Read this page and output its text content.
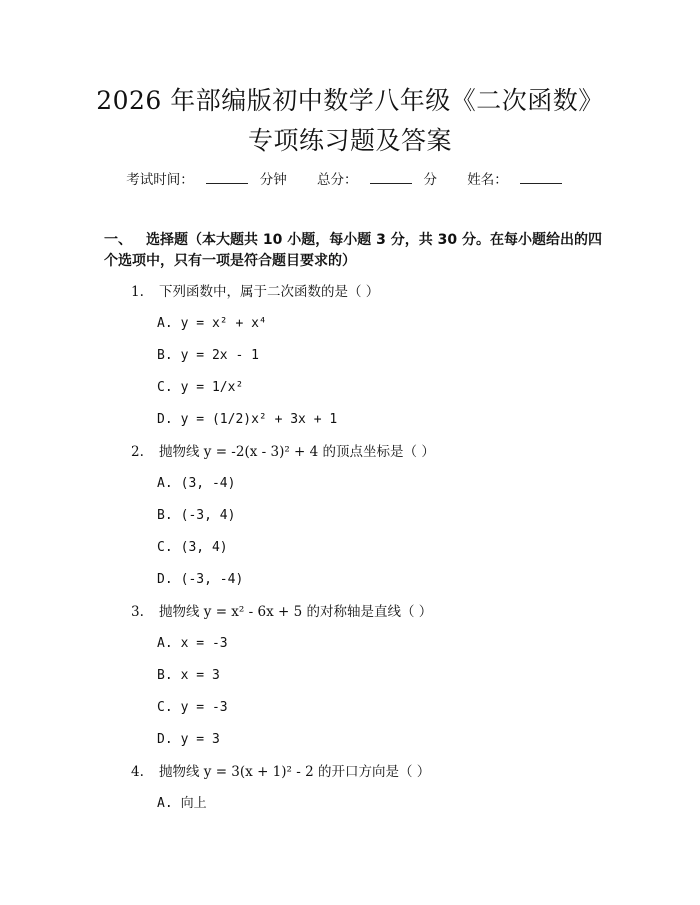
2026 年部编版初中数学八年级《二次函数》
专项练习题及答案
考试时间：	分钟 总分：	分 姓名：
一、 选择题（本大题共 10 小题，每小题 3 分，共 30 分。在每小题给出的四个选项中，只有一项是符合题目要求的）
1. 下列函数中，属于二次函数的是（ ）
A. y = x² + x⁴
B. y = 2x - 1
C. y = 1/x²
D. y = (1/2)x² + 3x + 1
2. 抛物线 y = -2(x - 3)² + 4 的顶点坐标是（ ）
A. (3, -4)
B. (-3, 4)
C. (3, 4)
D. (-3, -4)
3. 抛物线 y = x² - 6x + 5 的对称轴是直线（ ）
A. x = -3
B. x = 3
C. y = -3
D. y = 3
4. 抛物线 y = 3(x + 1)² - 2 的开口方向是（ ）
A. 向上
